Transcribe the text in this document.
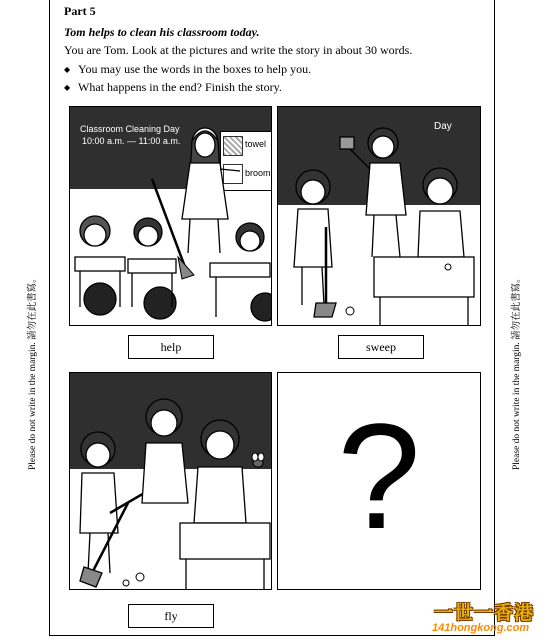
Part 5
Tom helps to clean his classroom today.
You are Tom. Look at the pictures and write the story in about 30 words.
◆ You may use the words in the boxes to help you.
◆ What happens in the end? Finish the story.
Classroom Cleaning Day
10:00 a.m. — 11:00 a.m.	towel
broom
Day
help	sweep
?
fly
Please do not write in the margin. 請勿在此書寫。	Please do not write in the margin. 請勿在此書寫。
一世一香港
141hongkong.com
